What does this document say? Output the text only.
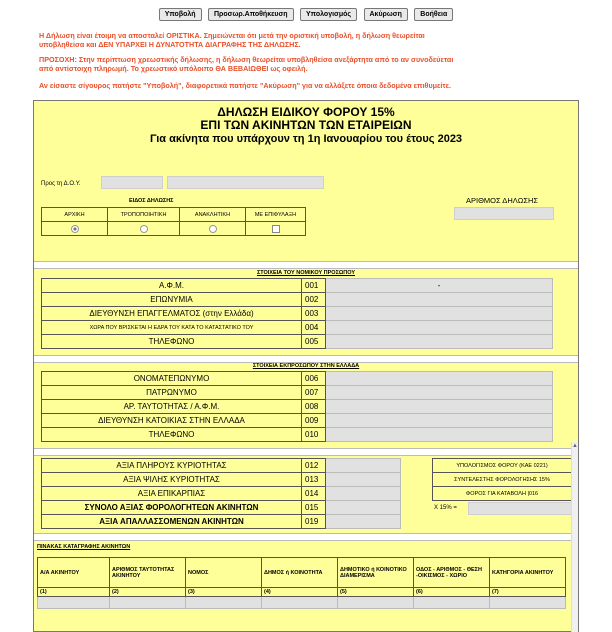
Υποβολή	Προσωρ.Αποθήκευση	Υπολογισμός	Ακύρωση	Βοήθεια
Η Δήλωση είναι έτοιμη να αποσταλεί ΟΡΙΣΤΙΚΑ. Σημειώνεται ότι μετά την οριστική υποβολή, η δήλωση θεωρείται
υποβληθείσα και ΔΕΝ ΥΠΑΡΧΕΙ Η ΔΥΝΑΤΟΤΗΤΑ ΔΙΑΓΡΑΦΗΣ ΤΗΣ ΔΗΛΩΣΗΣ.
ΠΡΟΣΟΧΗ: Στην περίπτωση χρεωστικής δήλωσης, η δήλωση θεωρείται υποβληθείσα ανεξάρτητα από το αν συνοδεύεται
από αντίστοιχη πληρωμή. Το χρεωστικό υπόλοιπο ΘΑ ΒΕΒΑΙΩΘΕΙ ως οφειλή.
Αν είσαστε σίγουρος πατήστε "Υποβολή", διαφορετικά πατήστε "Ακύρωση" για να αλλάξετε όποια δεδομένα επιθυμείτε.
ΔΗΛΩΣΗ ΕΙΔΙΚΟΥ ΦΟΡΟΥ 15%
ΕΠΙ ΤΩΝ ΑΚΙΝΗΤΩΝ ΤΩΝ ΕΤΑΙΡΕΙΩΝ
Για ακίνητα που υπάρχουν τη 1η Ιανουαρίου του έτους 2023
Προς τη Δ.Ο.Υ.
ΕΙΔΟΣ ΔΗΛΩΣΗΣ
ΑΡΧΙΚΗ	ΤΡΟΠΟΠΟΙΗΤΙΚΗ	ΑΝΑΚΛΗΤΙΚΗ	ΜΕ ΕΠΙΦΥΛΑΞΗ

ΑΡΙΘΜΟΣ ΔΗΛΩΣΗΣ
ΣΤΟΙΧΕΙΑ ΤΟΥ ΝΟΜΙΚΟΥ ΠΡΟΣΩΠΟΥ
Α.Φ.Μ.	001	-
ΕΠΩΝΥΜΙΑ	002	
ΔΙΕΥΘΥΝΣΗ ΕΠΑΓΓΕΛΜΑΤΟΣ (στην Ελλάδα)	003	
ΧΩΡΑ ΠΟΥ ΒΡΙΣΚΕΤΑΙ Η ΕΔΡΑ ΤΟΥ ΚΑΤΑ ΤΟ ΚΑΤΑΣΤΑΤΙΚΟ ΤΟΥ	004	
ΤΗΛΕΦΩΝΟ	005	
ΣΤΟΙΧΕΙΑ ΕΚΠΡΟΣΩΠΟΥ ΣΤΗΝ ΕΛΛΑΔΑ
ΟΝΟΜΑΤΕΠΩΝΥΜΟ	006	
ΠΑΤΡΩΝΥΜΟ	007	
ΑΡ. ΤΑΥΤΟΤΗΤΑΣ / Α.Φ.Μ.	008	
ΔΙΕΥΘΥΝΣΗ ΚΑΤΟΙΚΙΑΣ ΣΤΗΝ ΕΛΛΑΔΑ	009	
ΤΗΛΕΦΩΝΟ	010	
ΑΞΙΑ ΠΛΗΡΟΥΣ ΚΥΡΙΟΤΗΤΑΣ	012	
ΑΞΙΑ ΨΙΛΗΣ ΚΥΡΙΟΤΗΤΑΣ	013	
ΑΞΙΑ ΕΠΙΚΑΡΠΙΑΣ	014	
ΣΥΝΟΛΟ ΑΞΙΑΣ ΦΟΡΟΛΟΓΗΤΕΩΝ ΑΚΙΝΗΤΩΝ	015	
ΑΞΙΑ ΑΠΑΛΛΑΣΣΟΜΕΝΩΝ ΑΚΙΝΗΤΩΝ	019	
ΥΠΟΛΟΓΙΣΜΟΣ ΦΟΡΟΥ (ΚΑΕ 0221)
ΣΥΝΤΕΛΕΣΤΗΣ ΦΟΡΟΛΟΓΗΣΗΣ 15%
ΦΟΡΟΣ ΓΙΑ ΚΑΤΑΒΟΛΗ |016
X 15% =
ΠΙΝΑΚΑΣ ΚΑΤΑΓΡΑΦΗΣ ΑΚΙΝΗΤΩΝ
Α/Α ΑΚΙΝΗΤΟΥ	ΑΡΙΘΜΟΣ ΤΑΥΤΟΤΗΤΑΣ ΑΚΙΝΗΤΟΥ	ΝΟΜΟΣ	ΔΗΜΟΣ ή ΚΟΙΝΟΤΗΤΑ	ΔΗΜΟΤΙΚΟ ή ΚΟΙΝΟΤΙΚΟ ΔΙΑΜΕΡΙΣΜΑ	ΟΔΟΣ - ΑΡΙΘΜΟΣ - ΘΕΣΗ -ΟΙΚΙΣΜΟΣ - ΧΩΡΙΟ	ΚΑΤΗΓΟΡΙΑ ΑΚΙΝΗΤΟΥ
(1)	(2)	(3)	(4)	(5)	(6)	(7)

▲
